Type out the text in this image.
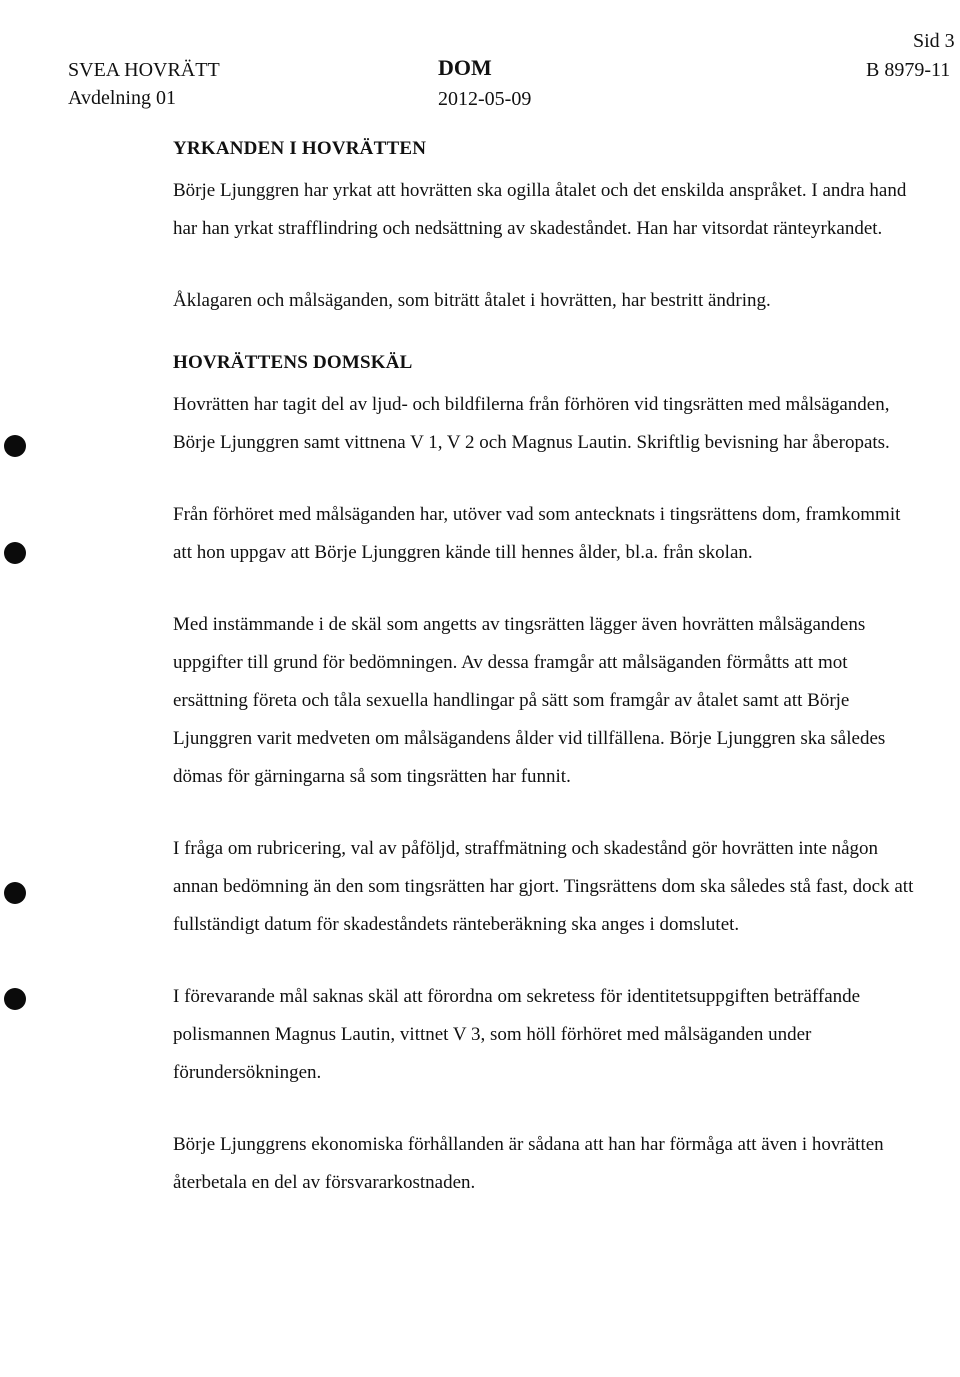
SVEA HOVRÄTT
Avdelning 01
DOM
2012-05-09
Sid 3
B 8979-11
YRKANDEN I HOVRÄTTEN

Börje Ljunggren har yrkat att hovrätten ska ogilla åtalet och det enskilda anspråket. I andra hand har han yrkat strafflindring och nedsättning av skadeståndet. Han har vitsordat ränteyrkandet.

Åklagaren och målsäganden, som biträtt åtalet i hovrätten, har bestritt ändring.

HOVRÄTTENS DOMSKÄL

Hovrätten har tagit del av ljud- och bildfilerna från förhören vid tingsrätten med målsäganden, Börje Ljunggren samt vittnena V 1, V 2 och Magnus Lautin. Skriftlig bevisning har åberopats.

Från förhöret med målsäganden har, utöver vad som antecknats i tingsrättens dom, framkommit att hon uppgav att Börje Ljunggren kände till hennes ålder, bl.a. från skolan.

Med instämmande i de skäl som angetts av tingsrätten lägger även hovrätten målsägandens uppgifter till grund för bedömningen. Av dessa framgår att målsäganden förmåtts att mot ersättning företa och tåla sexuella handlingar på sätt som framgår av åtalet samt att Börje Ljunggren varit medveten om målsägandens ålder vid tillfällena. Börje Ljunggren ska således dömas för gärningarna så som tingsrätten har funnit.

I fråga om rubricering, val av påföljd, straffmätning och skadestånd gör hovrätten inte någon annan bedömning än den som tingsrätten har gjort. Tingsrättens dom ska således stå fast, dock att fullständigt datum för skadeståndets ränteberäkning ska anges i domslutet.

I förevarande mål saknas skäl att förordna om sekretess för identitetsuppgiften beträffande polismannen Magnus Lautin, vittnet V 3, som höll förhöret med målsäganden under förundersökningen.

Börje Ljunggrens ekonomiska förhållanden är sådana att han har förmåga att även i hovrätten återbetala en del av försvararkostnaden.
